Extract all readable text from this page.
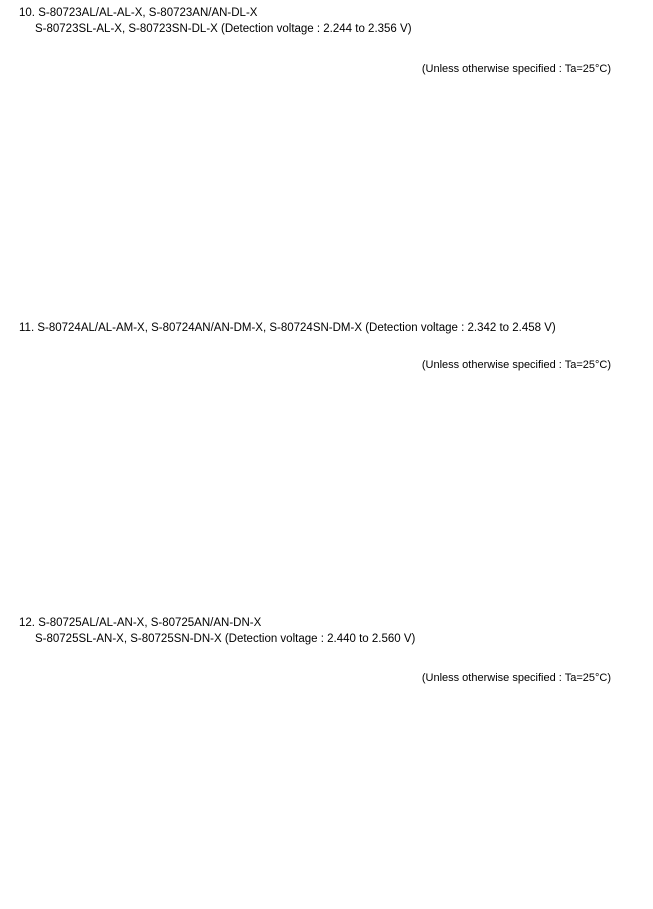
10. S-80723AL/AL-AL-X, S-80723AN/AN-DL-X
S-80723SL-AL-X, S-80723SN-DL-X (Detection voltage : 2.244 to 2.356 V)
(Unless otherwise specified : Ta=25°C)
11. S-80724AL/AL-AM-X, S-80724AN/AN-DM-X, S-80724SN-DM-X (Detection voltage : 2.342 to 2.458 V)
(Unless otherwise specified : Ta=25°C)
12. S-80725AL/AL-AN-X, S-80725AN/AN-DN-X
S-80725SL-AN-X, S-80725SN-DN-X (Detection voltage : 2.440 to 2.560 V)
(Unless otherwise specified : Ta=25°C)
